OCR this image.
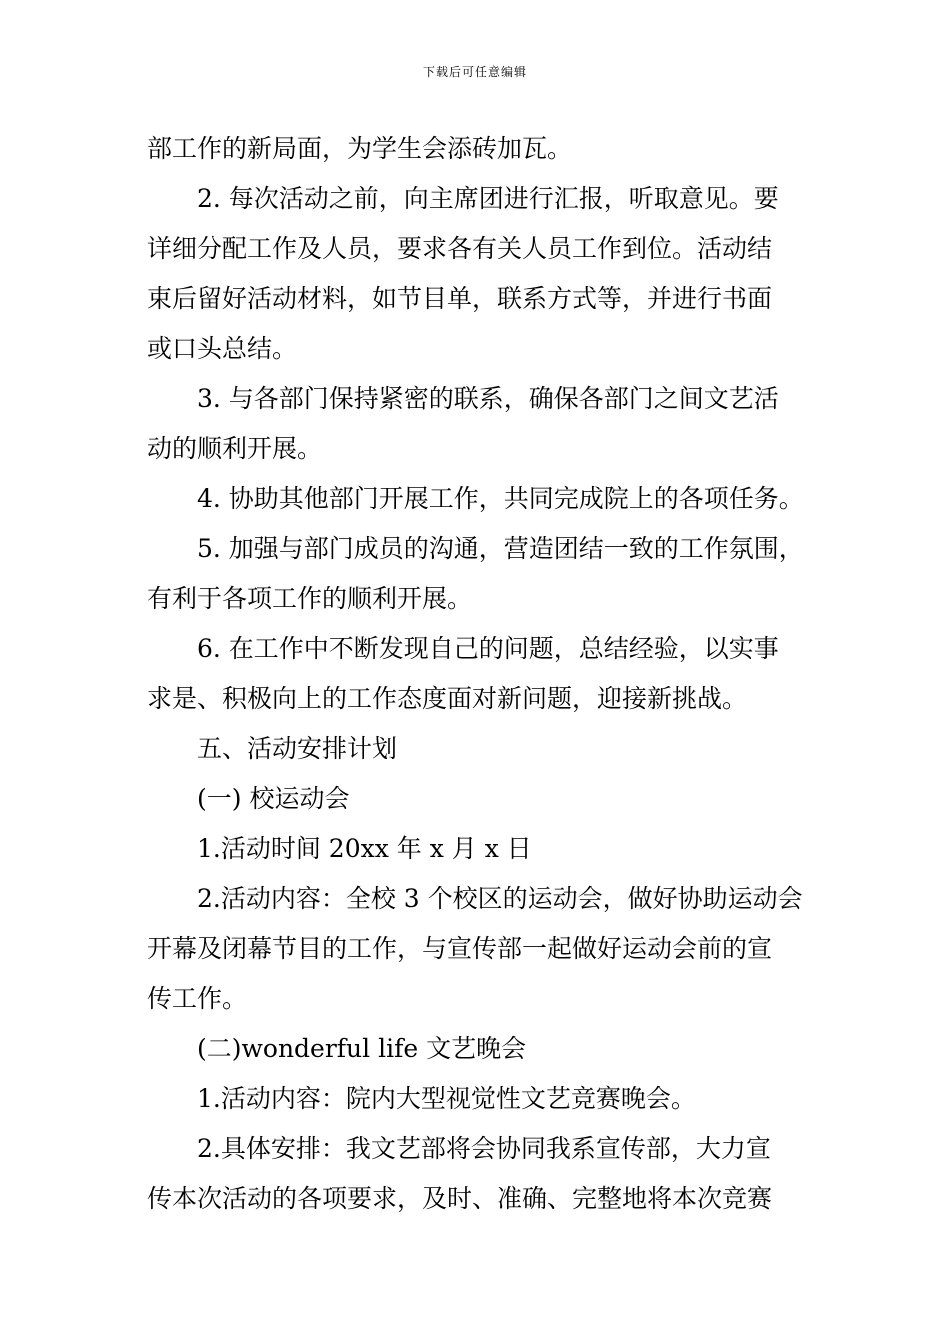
下载后可任意编辑
部工作的新局面，为学生会添砖加瓦。
2. 每次活动之前，向主席团进行汇报，听取意见。要
详细分配工作及人员，要求各有关人员工作到位。活动结
束后留好活动材料，如节目单，联系方式等，并进行书面
或口头总结。
3. 与各部门保持紧密的联系，确保各部门之间文艺活
动的顺利开展。
4. 协助其他部门开展工作，共同完成院上的各项任务。
5. 加强与部门成员的沟通，营造团结一致的工作氛围，
有利于各项工作的顺利开展。
6. 在工作中不断发现自己的问题，总结经验，以实事
求是、积极向上的工作态度面对新问题，迎接新挑战。
五、活动安排计划
(一) 校运动会
1.活动时间 20xx 年 x 月 x 日
2.活动内容：全校 3 个校区的运动会，做好协助运动会
开幕及闭幕节目的工作，与宣传部一起做好运动会前的宣
传工作。
(二)wonderful life 文艺晚会
1.活动内容：院内大型视觉性文艺竞赛晚会。
2.具体安排：我文艺部将会协同我系宣传部，大力宣
传本次活动的各项要求，及时、准确、完整地将本次竞赛
